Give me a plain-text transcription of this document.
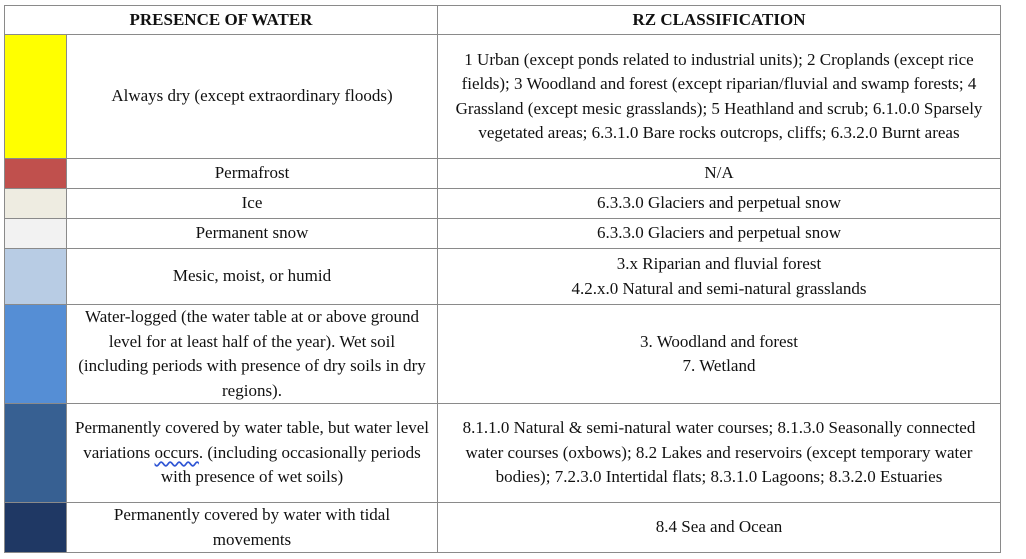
PRESENCE OF WATER		RZ CLASSIFICATION

	Always dry (except extraordinary floods)	1 Urban (except ponds related to industrial units); 2 Croplands (except rice fields); 3 Woodland and forest (except riparian/fluvial and swamp forests; 4 Grassland (except mesic grasslands); 5 Heathland and scrub; 6.1.0.0 Sparsely vegetated areas; 6.3.1.0 Bare rocks outcrops, cliffs; 6.3.2.0 Burnt areas

	Permafrost	N/A

	Ice	6.3.3.0 Glaciers and perpetual snow

	Permanent snow	6.3.3.0 Glaciers and perpetual snow

	Mesic, moist, or humid	3.x Riparian and fluvial forest
4.2.x.0 Natural and semi-natural grasslands

	Water-logged (the water table at or above ground level for at least half of the year). Wet soil (including periods with presence of dry soils in dry regions).	3. Woodland and forest
7. Wetland

	Permanently covered by water table, but water level variations occurs. (including occasionally periods with presence of wet soils)	8.1.1.0 Natural & semi-natural water courses; 8.1.3.0 Seasonally connected water courses (oxbows); 8.2 Lakes and reservoirs (except temporary water bodies); 7.2.3.0 Intertidal flats; 8.3.1.0 Lagoons; 8.3.2.0 Estuaries

	Permanently covered by water with tidal movements	8.4 Sea and Ocean
